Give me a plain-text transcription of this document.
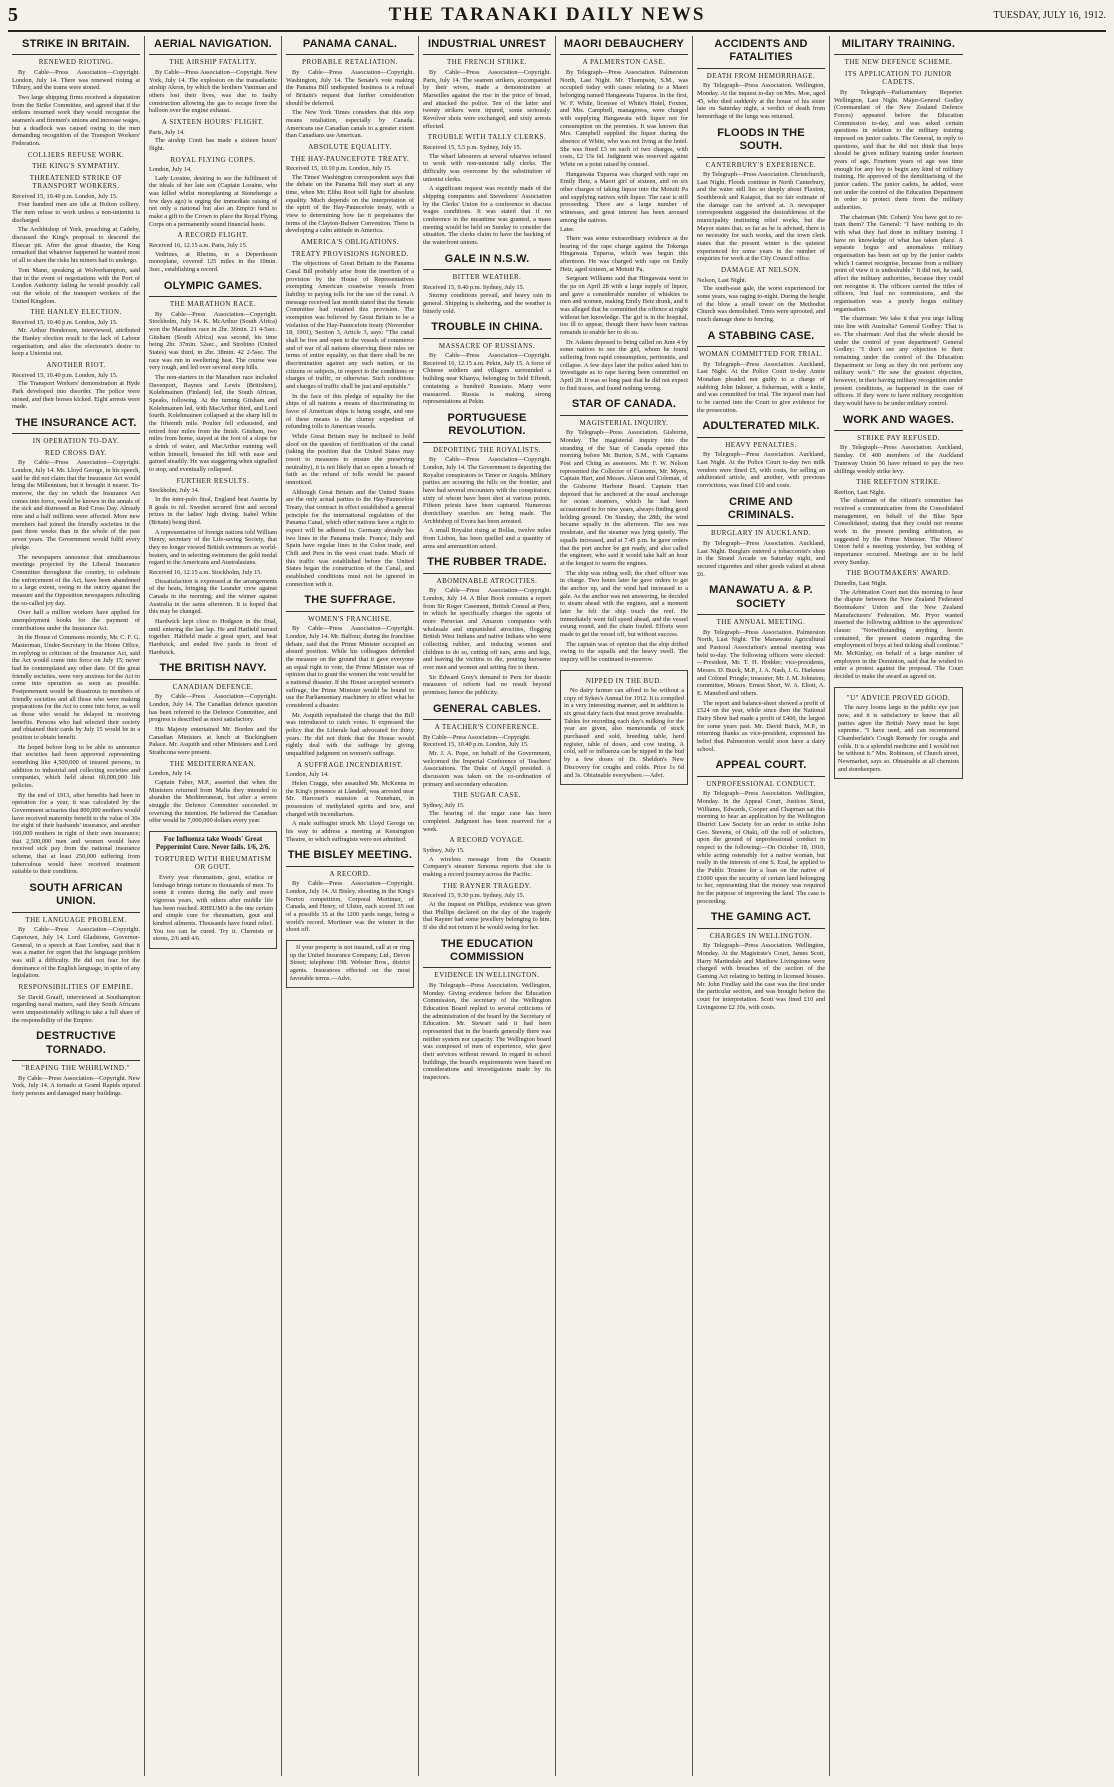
5	THE TARANAKI DAILY NEWS	TUESDAY, JULY 16, 1912.
STRIKE IN BRITAIN.
RENEWED RIOTING.

By Cable—Press Association—Copyright. London, July 14. There was renewed rioting at Tilbury, and the trams were stoned.

Two large shipping firms received a deputation from the Strike Committee, and agreed that if the strikers resumed work they would recognise the seamen's and firemen's unions and increase wages, but a deadlock was caused owing to the men demanding recognition of the Transport Workers' Federation.

COLLIERS REFUSE WORK.
THE KING'S SYMPATHY.
THREATENED STRIKE OF TRANSPORT WORKERS.
Received 15, 10.40 p.m. London, July 15.

Four hundred men are idle at Holton colliery. The men refuse to work unless a non-unionist is discharged.

The Archbishop of York, preaching at Cadeby, discussed the King's proposal to descend the Elsecar pit. After the great disaster, the King remarked that whatever happened he wanted most of all to share the risks his miners had to undergo.

Tom Mann, speaking at Wolverhampton, said that in the event of negotiations with the Port of London Authority failing he would possibly call out the whole of the transport workers of the United Kingdom.

THE HANLEY ELECTION.
Received 15, 10.40 p.m. London, July 15.

Mr. Arthur Henderson, interviewed, attributed the Hanley election result to the lack of Labour organisation, and also the electorate's desire to keep a Unionist out.

ANOTHER RIOT.
Received 15, 10.40 p.m. London, July 15.

The Transport Workers' demonstration at Hyde Park developed into disorder. The police were stoned, and their horses kicked. Eight arrests were made.

THE INSURANCE ACT.
IN OPERATION TO-DAY.
RED CROSS DAY.

By Cable—Press Association—Copyright. London, July 14. Mr. Lloyd George, in his speech, said he did not claim that the Insurance Act would bring the Millennium, but it brought it nearer. To-morrow, the day on which the Insurance Act comes into force, would be known in the annals of the sick and distressed as Red Cross Day. Already nine and a half millions were affected. More new members had joined the friendly societies in the past three weeks than in the whole of the past seven years. The Government would fulfil every pledge.

The newspapers announce that simultaneous meetings projected by the Liberal Insurance Committee throughout the country, to celebrate the enforcement of the Act, have been abandoned to a large extent, owing to the outcry against the measure and the Opposition newspapers ridiculing the so-called joy day.

Over half a million workers have applied for unemployment books for the payment of contributions under the Insurance Act.

In the House of Commons recently, Mr. C. F. G. Masterman, Under-Secretary in the Home Office, in replying to criticism of the Insurance Act, said the Act would come into force on July 15; never had he contemplated any other date. Of the great friendly societies, were very anxious for the Act to come into operation as soon as possible. Postponement would be disastrous to members of friendly societies and all those who were making preparations for the Act to come into force, as well as those who would be delayed in receiving benefits. Persons who had selected their society and obtained their cards by July 15 would be in a position to obtain benefit.

He hoped before long to be able to announce that societies had been approved representing something like 4,500,000 of insured persons, in addition to industrial and collecting societies and companies, which held about 60,000,000 life policies.

By the end of 1913, after benefits had been in operation for a year, it was calculated by the Government actuaries that 800,000 mothers would have received maternity benefit to the value of 30s for eight of their husbands' insurance, and another 160,000 mothers in right of their own insurance; that 2,500,000 men and women would have received sick pay from the national insurance scheme, that at least 250,000 suffering from tuberculous would have received treatment suitable to their condition.

SOUTH AFRICAN UNION.
THE LANGUAGE PROBLEM.

By Cable—Press Association—Copyright. Capetown, July 14. Lord Gladstone, Governor-General, in a speech at East London, said that it was a matter for regret that the language problem was still a difficulty. He did not fear for the dominance of the English language, in spite of any legislation.

RESPONSIBILITIES OF EMPIRE.

Sir David Graaff, interviewed at Southampton regarding naval matters, said they South Africans were unquestionably willing to take a full share of the responsibility of the Empire.

DESTRUCTIVE TORNADO.
"REAPING THE WHIRLWIND."

By Cable—Press Association—Copyright. New York, July 14. A tornado at Grand Rapids injured forty persons and damaged many buildings.

AERIAL NAVIGATION.
THE AIRSHIP FATALITY.

By Cable—Press Association—Copyright. New York, July 14. The explosion on the transatlantic airship Akron, by which the brothers Vaniman and others lost their lives, was due to faulty construction allowing the gas to escape from the balloon over the engine exhaust.

A SIXTEEN HOURS' FLIGHT.
Paris, July 14.

The airship Conti has made a sixteen hours' flight.

ROYAL FLYING CORPS.
London, July 14.

Lady Loraine, desiring to see the fulfilment of the ideals of her late son (Captain Loraine, who was killed whilst monoplaning at Stonehenge a few days ago) is urging the immediate raising of not only a national but also an Empire fund to make a gift to the Crown to place the Royal Flying Corps on a permanently sound financial basis.

A RECORD FLIGHT.
Received 16, 12.15 a.m. Paris, July 15.

Vedrines, at Rheims, in a Deperdussin monoplane, covered 125 miles in the 10min. 3sec., establishing a record.

OLYMPIC GAMES.
THE MARATHON RACE.

By Cable—Press Association—Copyright. Stockholm, July 14. K. McArthur (South Africa) won the Marathon race in 2hr. 36min. 21 4-5sec. Gitsham (South Africa) was second, his time being 2hr. 37min. 52sec., and Strobino (United States) was third, in 2hr. 38min. 42 2-5sec. The race was run in sweltering heat. The course was very rough, and led over several steep hills.

The non-starters in the Marathon race included Davenport, Raynes and Lewis (Britishers), Kolehmainen (Finland) led, the South African, Speaks, following. At the turning Gitsham and Kolehmainen led, with MacArthur third, and Lord fourth. Kolehmainen collapsed at the sharp hill in the fifteenth mile. Poulter fell exhausted, and retired four miles from the finish. Gitsham, two miles from home, stayed at the foot of a slope for a drink of water, and MacArthur running well within himself, breasted the hill with ease and gained steadily. He was staggering when signalled to stop, and eventually collapsed.

FURTHER RESULTS.
Stockholm, July 14.

In the inter-polo final, England beat Austria by 8 goals to nil. Sweden secured first and second prizes in the ladies' high diving. Isabel White (Britain) being third.

A representative of foreign nations told William Henry, secretary of the Life-saving Society, that they no longer viewed British swimmers as world-beaters, and in selecting swimmers the gold medal regard to the Americans and Australasians.

Received 16, 12.15 a.m. Stockholm, July 15.

Dissatisfaction is expressed at the arrangements of the heats, bringing the Leander crew against Canada in the morning, and the winner against Australia in the same afternoon. It is hoped that this may be changed.

Hardwick kept close to Hodgson in the final, until entering the last lap. He and Hatfield turned together. Hatfield made a great spurt, and beat Hardwick, and ended five yards in front of Hardwick.

THE BRITISH NAVY.
CANADIAN DEFENCE.

By Cable—Press Association—Copyright. London, July 14. The Canadian defence question has been referred to the Defence Committee, and progress is described as most satisfactory.

His Majesty entertained Mr. Borden and the Canadian Ministers at lunch at Buckingham Palace. Mr. Asquith and other Ministers and Lord Strathcona were present.

THE MEDITERRANEAN.
London, July 14.

Captain Faber, M.P., asserted that when the Ministers returned from Malta they intended to abandon the Mediterranean, but after a severe struggle the Defence Committee succeeded in reversing the intention. He believed the Canadian offer would be 7,000,000 dollars every year.

For Influenza take Woods' Great Peppermint Cure. Never fails. 1/6, 2/6.
TORTURED WITH RHEUMATISM OR GOUT.

Every year rheumatism, gout, sciatica or lumbago brings torture to thousands of men. To some it comes during the early and more vigorous years, with others after middle life has been reached. RHEUMO is the one certain and simple cure for rheumatism, gout and kindred ailments. Thousands have found relief. You too can be cured. Try it. Chemists or stores, 2/6 and 4/6.

PANAMA CANAL.
PROBABLE RETALIATION.

By Cable—Press Association—Copyright. Washington, July 14. The Senate's vote making the Panama Bill undisputed business is a refusal of Britain's request that further consideration should be deferred.

The New York Times considers that this step means retaliation, especially by Canada. Americans use Canadian canals to a greater extent than Canadians use American.

ABSOLUTE EQUALITY.
THE HAY-PAUNCEFOTE TREATY.
Received 15, 10.10 p.m. London, July 15.

The Times' Washington correspondent says that the debate on the Panama Bill may start at any time, when Mr. Elihu Root will fight for absolute equality. Much depends on the interpretation of the spirit of the Hay-Pauncefote treaty, with a view to determining how far it perpetuates the terms of the Clayton-Bulwer Convention. There is developing a calm attitude in America.

AMERICA'S OBLIGATIONS.
TREATY PROVISIONS IGNORED.

The objections of Great Britain to the Panama Canal Bill probably arise from the insertion of a provision by the House of Representatives exempting American coastwise vessels from liability to paying tolls for the use of the canal. A message received last month stated that the Senate Committee had retained this provision. The exemption was believed by Great Britain to be a violation of the Hay-Pauncefote treaty (November 18, 1901), Section 3, Article 3, says: "The canal shall be free and open to the vessels of commerce and of war of all nations observing these rules on terms of entire equality, so that there shall be no discrimination against any such nation, or its citizens or subjects, in respect to the conditions or charges of traffic, or otherwise. Such conditions and charges of traffic shall be just and equitable."

In the face of this pledge of equality for the ships of all nations a means of discriminating in favor of American ships is being sought, and one of these means is the clumsy expedient of refunding tolls to American vessels.

While Great Britain may be inclined to hold aloof on the question of fortification of the canal (taking the position that the United States may resort to measures to ensure the preserving neutrality), it is not likely that so open a breach of faith as the refund of tolls would be passed unnoticed.

Although Great Britain and the United States are the only actual parties to the Hay-Pauncefote Treaty, that contract in effect established a general principle for the international regulation of the Panama Canal, which other nations have a right to expect will be adhered to. Germany already has two lines in the Panama trade. France, Italy and Spain have regular lines in the Colon trade, and Chili and Peru in the west coast trade. Much of this traffic was established before the United States began the construction of the Canal, and established conditions must not be ignored in connection with it.

THE SUFFRAGE.
WOMEN'S FRANCHISE.

By Cable—Press Association—Copyright. London, July 14. Mr. Balfour, during the franchise debate, said that the Prime Minister occupied an absurd position. While his colleagues defended the measure on the ground that it gave everyone an equal right to vote, the Prime Minister was of opinion that to grant the women the vote would be a national disaster. If the House accepted women's suffrage, the Prime Minister would be bound to use the Parliamentary machinery to effect what he considered a disaster.

Mr. Asquith repudiated the charge that the Bill was introduced to catch votes. It expressed the policy that the Liberals had advocated for thirty years. He did not think that the House would rightly deal with the suffrage by giving unqualified judgment on women's suffrage.

A SUFFRAGE INCENDIARIST.
London, July 14.

Helen Craggs, who assaulted Mr. McKenna in the King's presence at Llandaff, was arrested near Mr. Harcourt's mansion at Nuneham, in possession of methylated spirits and tow, and charged with incendiarism.

A male suffragist struck Mr. Lloyd George on his way to address a meeting at Kensington Theatre, to which suffragists were not admitted.

THE BISLEY MEETING.
A RECORD.

By Cable—Press Association—Copyright. London, July 14. At Bisley, shooting in the King's Norton competition, Corporal Mortimer, of Canada, and Henry, of Ulster, each scored 35 out of a possible 35 at the 1200 yards range, being a world's record. Mortimer was the winner in the shoot off.

If your property is not insured, call at or ring up the United Insurance Company, Ltd., Devon Street; telephone 198. Webster Bros., district agents. Insurances effected on the most favorable terms.—Advt.

INDUSTRIAL UNREST
THE FRENCH STRIKE.

By Cable—Press Association—Copyright. Paris, July 14. The seamen strikers, accompanied by their wives, made a demonstration at Marseilles against the rise in the price of bread, and attacked the police. Ten of the latter and twenty strikers were injured, some seriously. Revolver shots were exchanged, and sixty arrests effected.

TROUBLE WITH TALLY CLERKS.
Received 15, 5.5 p.m. Sydney, July 15.

The wharf labourers at several wharves refused to work with non-unionist tally clerks. The difficulty was overcome by the substitution of unionist clerks.

A significant request was recently made of the shipping companies and Stevedores' Association by the Clerks' Union for a conference to discuss wages conditions. It was stated that if no conference in the meantime was granted, a mass meeting would be held on Sunday to consider the situation. The clerks claim to have the backing of the waterfront unions.

GALE IN N.S.W.
BITTER WEATHER.
Received 15, 9.40 p.m. Sydney, July 15.

Stormy conditions prevail, and heavy rain in general. Shipping is sheltering, and the weather is bitterly cold.

TROUBLE IN CHINA.
MASSACRE OF RUSSIANS.

By Cable—Press Association—Copyright. Received 16, 12.15 a.m. Pekin, July 15. A force of Chinese soldiers and villagers surrounded a building near Khanya, belonging to Seld Effendi, containing a hundred Russians. Many were massacred. Russia is making strong representations at Pekin.

PORTUGUESE REVOLUTION.
DEPORTING THE ROYALISTS.

By Cable—Press Association—Copyright. London, July 14. The Government is deporting the Royalist conspirators to Timor or Angola. Military parties are scouring the hills on the frontier, and have had several encounters with the conspirators, sixty of whom have been shot at various points. Fifteen priests have been captured. Numerous domiciliary searches are being made. The Archbishop of Evora has been arrested.

A small Royalist rising at Bollas, twelve miles from Lisbon, has been quelled and a quantity of arms and ammunition seized.

THE RUBBER TRADE.
ABOMINABLE ATROCITIES.

By Cable—Press Association—Copyright. London, July 14. A Blue Book contains a report from Sir Roger Casement, British Consul at Peru, in which he specifically charges the agents of more Peruvian and Amazon companies with wholesale and unpunished atrocities, flogging British West Indians and native Indians who were collecting rubber, and inducing women and children to do so, cutting off ears, arms and legs, and leaving the victims to die, pouring kerosene over men and women and setting fire to them.

Sir Edward Grey's demand to Peru for drastic measures of reform had no result beyond promises; hence the publicity.

GENERAL CABLES.
A TEACHER'S CONFERENCE.
By Cable—Press Association—Copyright. Received 15, 10.40 p.m. London, July 15.

Mr. J. A. Pope, on behalf of the Government, welcomed the Imperial Conference of Teachers' Associations. The Duke of Argyll presided. A discussion was taken on the co-ordination of primary and secondary education.

THE SUGAR CASE.
Sydney, July 15.

The hearing of the sugar case has been completed. Judgment has been reserved for a week.

A RECORD VOYAGE.
Sydney, July 15.

A wireless message from the Oceanic Company's steamer Sonoma reports that she is making a record journey across the Pacific.

THE RAYNER TRAGEDY.
Received 15, 9.30 p.m. Sydney, July 15.

At the inquest on Phillips, evidence was given that Phillips declared on the day of the tragedy that Rayner had some jewellery belonging to him. If she did not return it he would swing for her.

THE EDUCATION COMMISSION
EVIDENCE IN WELLINGTON.

By Telegraph—Press Association. Wellington, Monday. Giving evidence before the Education Commission, the secretary of the Wellington Education Board replied to several criticisms of the administration of the board by the Secretary of Education. Mr. Stewart said it had been represented that in the boards generally there was neither system nor capacity. The Wellington board was composed of men of experience, who gave their services without reward. In regard to school buildings, the board's requirements were based on considerations and investigations made by its inspectors.

MAORI DEBAUCHERY
A PALMERSTON CASE.

By Telegraph—Press Association. Palmerston North, Last Night. Mr. Thompson, S.M., was occupied today with cases relating to a Maori belonging named Hangawata Tuparoa. In the first, W. F. White, licensee of White's Hotel, Foxton, and Mrs. Campbell, manageress, were charged with supplying Hangawata with liquor not for consumption on the premises. It was known that Mrs. Campbell supplied the liquor during the absence of White, who was not living at the hotel. She was fined £3 on each of two charges, with costs, £2 13s 6d. Judgment was reserved against White on a point raised by counsel.

Hangawata Tuparoa was charged with rape on Emily Hetz, a Maori girl of sixteen, and on six other charges of taking liquor into the Motuiti Pa and supplying natives with liquor. The case is still proceeding. There are a large number of witnesses, and great interest has been aroused among the natives.

Later.

There was some extraordinary evidence at the hearing of the rape charge against the Tokenga Hingawata Tuparoa, which was begun this afternoon. He was charged with rape on Emily Hetz, aged sixteen, at Motuiti Pa.

Sergeant Williams said that Hingawata went to the pa on April 28 with a large supply of liquor, and gave a considerable number of whiskies to men and women, making Emily Hetz drunk, and it was alleged that he committed the offence at night without her knowledge. The girl is in the hospital, too ill to appear, though there have been various remands to enable her to do so.

Dr. Adams deposed to being called on June 4 by some natives to see the girl, whom he found suffering from rapid consumption, peritonitis, and collapse. A few days later the police asked him to investigate as to rape having been committed on April 28. It was so long past that he did not expect to find traces, and found nothing wrong.

STAR OF CANADA.
MAGISTERIAL INQUIRY.

By Telegraph—Press Association. Gisborne, Monday. The magisterial inquiry into the stranding of the Star of Canada opened this morning before Mr. Burton, S.M., with Captains Post and Ching as assessors. Mr. F. W. Nelson represented the Collector of Customs, Mr. Myers, Captain Hart, and Messrs. Alston and Coleman, of the Gisborne Harbour Board. Captain Hart deposed that he anchored at the usual anchorage for ocean steamers, which he had been accustomed to for nine years, always finding good holding ground. On Sunday, the 28th, the wind became squally in the afternoon. The sea was moderate, and the steamer was lying quietly. The squalls increased, and at 7.45 p.m. he gave orders that the port anchor be got ready, and also called the engineer, who said it would take half an hour at the longest to warm the engines.

The ship was riding well; the chief officer was in charge. Two hours later he gave orders to get the anchor up, and the wind had increased to a gale. As the anchor was not answering, he decided to steam ahead with the engines, and a moment later he felt the ship touch the reef. He immediately went full speed ahead, and the vessel swung round, and the chain fouled. Efforts were made to get the vessel off, but without success.

The captain was of opinion that the ship drifted owing to the squalls and the heavy swell. The inquiry will be continued to-morrow.

NIPPED IN THE BUD.

No dairy farmer can afford to be without a copy of Sykes's Annual for 1912. It is compiled in a very interesting manner, and in addition is six great dairy facts that must prove invaluable. Tables for recording each day's milking for the year are given, also memoranda of stock purchased and sold, breeding table, herd register, table of doses, and cow testing. A cold, self or influenza can be nipped in the bud by a few doses of Dr. Sheldon's New Discovery for coughs and colds. Price 1s 6d and 3s. Obtainable everywhere.—Advt.

ACCIDENTS AND FATALITIES
DEATH FROM HEMORRHAGE.

By Telegraph—Press Association. Wellington, Monday. At the inquest to-day on Mrs. Moe, aged 45, who died suddenly at the house of his sister late on Saturday night, a verdict of death from hemorrhage of the lungs was returned.

FLOODS IN THE SOUTH.
CANTERBURY'S EXPERIENCE.

By Telegraph—Press Association. Christchurch, Last Night. Floods continue in North Canterbury, and the water still lies so deeply about Flaxton, Southbrook and Kaiapoi, that no fair estimate of the damage can be arrived at. A newspaper correspondent suggested the desirableness of the municipality instituting relief works, but the Mayor states that, so far as he is advised, there is no necessity for such works, and the town clerk states that the present winter is the quietest experienced for some years in the number of enquiries for work at the City Council office.

DAMAGE AT NELSON.
Nelson, Last Night.

The south-east gale, the worst experienced for some years, was raging to-night. During the height of the blow a small tower on the Methodist Church was demolished. Trees were uprooted, and much damage done to fencing.

A STABBING CASE.
WOMAN COMMITTED FOR TRIAL.

By Telegraph—Press Association. Auckland, Last Night. At the Police Court to-day Annie Monahan pleaded not guilty to a charge of stabbing John Inkster, a fisherman, with a knife, and was committed for trial. The injured man had to be carried into the Court to give evidence for the prosecution.

ADULTERATED MILK.
HEAVY PENALTIES.

By Telegraph—Press Association. Auckland, Last Night. At the Police Court to-day two milk vendors were fined £5, with costs, for selling an adulterated article, and another, with previous convictions, was fined £10 and costs.

CRIME AND CRIMINALS.
BURGLARY IN AUCKLAND.

By Telegraph—Press Association. Auckland, Last Night. Burglars entered a tobacconist's shop in the Strand Arcade on Saturday night, and secured cigarettes and other goods valued at about £6.

MANAWATU A. & P. SOCIETY
THE ANNUAL MEETING.

By Telegraph—Press Association. Palmerston North, Last Night. The Manawatu Agricultural and Pastoral Association's annual meeting was held to-day. The following officers were elected:—President, Mr. T. H. Hodder; vice-presidents, Messrs. D. Buick, M.P., J. A. Nash, J. G. Harkness and Colonel Pringle; treasurer, Mr. J. M. Johnston; committee, Messrs. Ernest Short, W. A. Eliott, A. E. Mansford and others.

The report and balance-sheet showed a profit of £524 on the year, while since then the National Dairy Show had made a profit of £400, the largest for some years past. Mr. David Buick, M.P., in returning thanks as vice-president, expressed his belief that Palmerston would soon have a dairy school.

APPEAL COURT.
UNPROFESSIONAL CONDUCT.

By Telegraph—Press Association. Wellington, Monday. In the Appeal Court, Justices Stout, Williams, Edwards, Cooper and Chapman sat this morning to hear an application by the Wellington District Law Society for an order to strike John Geo. Stevens, of Otaki, off the roll of solicitors, upon the ground of unprofessional conduct in respect to the following:—On October 18, 1910, while acting ostensibly for a native woman, but really in the interests of one S. Ezal, he applied to the Public Trustee for a loan on the native of £1000 upon the security of certain land belonging to her, representing that the money was required for the purpose of improving the land. The case is proceeding.

THE GAMING ACT.
CHARGES IN WELLINGTON.

By Telegraph—Press Association. Wellington, Monday. At the Magistrate's Court, James Scott, Harry Martindale and Matthew Livingstone were charged with breaches of the section of the Gaming Act relating to betting in licensed houses. Mr. John Findlay said the case was the first under the particular section, and was brought before the court for interpretation. Scott was fined £10 and Livingstone £2 10s, with costs.

MILITARY TRAINING.
THE NEW DEFENCE SCHEME.
ITS APPLICATION TO JUNIOR CADETS.

By Telegraph—Parliamentary Reporter. Wellington, Last Night. Major-General Godley (Commandant of the New Zealand Defence Forces) appeared before the Education Commission to-day, and was asked certain questions in relation to the military training imposed on junior cadets. The General, in reply to questions, said that he did not think that boys should be given military training under fourteen years of age. Fourteen years of age was time enough for any boy to begin any kind of military training. He approved of the demilitarising of the junior cadets. The junior cadets, he added, were not under the control of the Education Department in order to protect them from the military authorities.

The chairman (Mr. Cohen): You have got to re-train them? The General: "I have nothing to do with what they had done in military training. I have no knowledge of what has taken place. A separate bogus and anomalous military organisation has been set up by the junior cadets which I cannot recognise, because from a military point of view it is undesirable." It did not, he said, affect the military authorities, because they could not recognise it. The officers carried the titles of officers, but had no commissions, and the organisation was a purely bogus military organisation.

The chairman: We take it that you urge falling into line with Australia? General Godley: That is so. The chairman: And that the whole should be under the control of your department? General Godley: "I don't see any objection to their remaining under the control of the Education Department so long as they do not perform any military work." He saw the greatest objection, however, in their having military recognition under present conditions, as happened in the case of officers. If they were to have military recognition they would have to be under military control.

WORK AND WAGES.
STRIKE PAY REFUSED.

By Telegraph—Press Association. Auckland, Sunday. Of 400 members of the Auckland Tramway Union 56 have refused to pay the two shillings weekly strike levy.

THE REEFTON STRIKE.
Reefton, Last Night.

The chairman of the citizen's committee has received a communication from the Consolidated management, on behalf of the Blue Spur Consolidated, stating that they could not resume work in the present pending arbitration, as suggested by the Prime Minister. The Miners' Union held a meeting yesterday, but nothing of importance occurred. Meetings are to be held every Sunday.

THE BOOTMAKERS' AWARD.
Dunedin, Last Night.

The Arbitration Court met this morning to hear the dispute between the New Zealand Federated Bootmakers' Union and the New Zealand Manufacturers' Federation. Mr. Pryor wanted inserted the following addition to the apprentices' clause: "Notwithstanding anything herein contained, the present custom regarding the employment of boys at bed ticking shall continue." Mr. McKinlay, on behalf of a large number of employers in the Dominion, said that he wished to enter a protest against the proposal. The Court decided to make the award as agreed on.

"U" ADVICE PROVED GOOD.

The navy looms large in the public eye just now, and it is satisfactory to know that all parties agree the British Navy must be kept supreme. "I have used, and can recommend Chamberlain's Cough Remedy for coughs and colds. It is a splendid medicine and I would not be without it." Mrs. Robinson, of Church street, Newmarket, says so. Obtainable at all chemists and storekeepers.
